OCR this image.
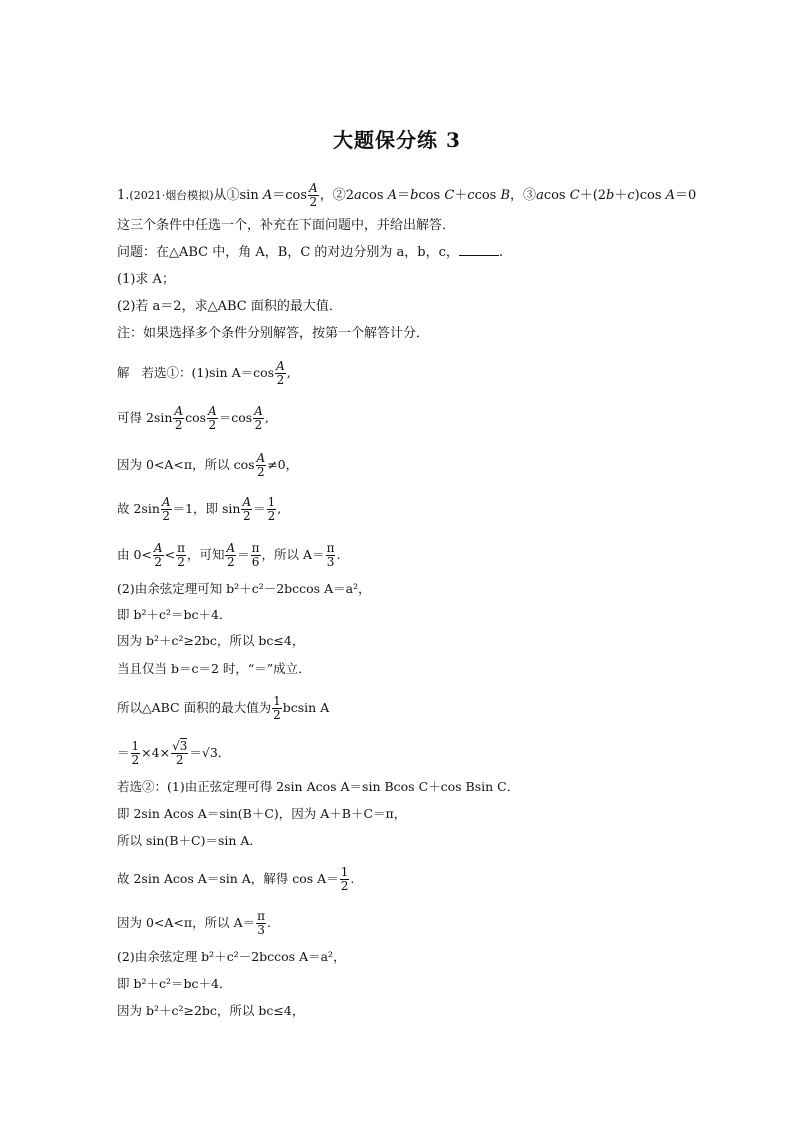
大题保分练 3
1.(2021·烟台模拟)从①sin $A=\cos \frac{A}{2}$ ，②2acos A＝bcos C＋ccos B，③acos C＋(2b＋c)cos A＝0
这三个条件中任选一个，补充在下面问题中，并给出解答．
问题：在△ABC 中，角 A，B，C 的对边分别为 a，b，c，	.
(1)求 A；
(2)若 a＝2，求△ABC 面积的最大值．
注：如果选择多个条件分别解答，按第一个解答计分．
解 若选①：(1)sin $A=\cos \frac{A}{2}$ ,
可得 $2\sin \frac{A}{2}$ $\cos \frac{A}{2} =\cos \frac{A}{2}$ ,
因为 0<A<π，所以 $\cos \frac{A}{2} \ne 0$，
故 $2\sin \frac{A}{2} =1$，即 $\sin \frac{A}{2} = \frac{1}{2}$ ,
由 $0< \frac{A}{2} < \frac{\pi}{2}$ ，可知 $\frac{A}{2} = \frac{\pi}{6}$ ，所以 $A= \frac{\pi}{3}$ .
(2)由余弦定理可知 b²＋c²－2bccos A＝a²，
即 b²＋c²＝bc＋4．
因为 b²＋c²≥2bc，所以 bc≤4，
当且仅当 b＝c＝2 时，“＝”成立．
所以△ABC 面积的最大值为 $\frac{1}{2}$ bcsin A
＝ $\frac{1}{2} \times 4\times \frac{√3}{2} =√3$．
若选②：(1)由正弦定理可得 2sin Acos A＝sin Bcos C＋cos Bsin C．
即 2sin Acos A＝sin(B＋C)，因为 A＋B＋C＝π，
所以 sin(B＋C)＝sin A．
故 2sin Acos A＝sin A，解得 $\cos A= \frac{1}{2}$ .
因为 0<A<π，所以 $A= \frac{\pi}{3}$ .
(2)由余弦定理 b²＋c²－2bccos A＝a²，
即 b²＋c²＝bc＋4．
因为 b²＋c²≥2bc，所以 bc≤4，
